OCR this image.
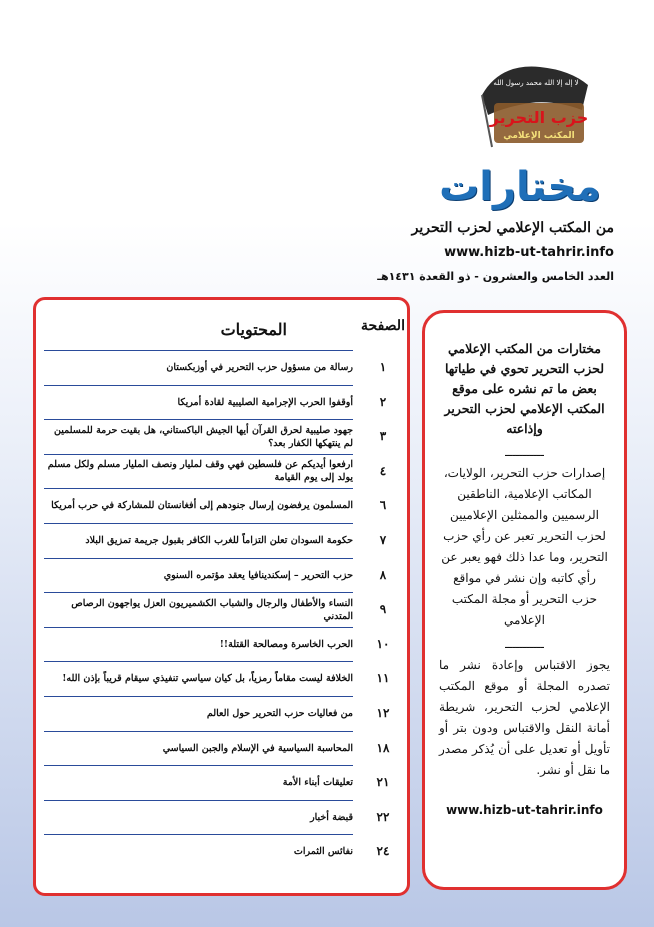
لا إله إلا الله محمد رسول الله
حزب التحرير
المكتب الإعلامي
مختارات
من المكتب الإعلامي لحزب التحرير
www.hizb-ut-tahrir.info
العدد الخامس والعشرون - ذو القعدة ١٤٣١هـ
المحتويات	الصفحة
رسالة من مسؤول حزب التحرير في أوزبكستان	١
أوقفوا الحرب الإجرامية الصليبية لقادة أمريكا	٢
جهود صليبية لحرق القرآن أيها الجيش الباكستاني، هل بقيت حرمة للمسلمين لم ينتهكها الكفار بعد؟	٣
ارفعوا أيديكم عن فلسطين فهي وقف لمليار ونصف المليار مسلم ولكل مسلم يولد إلى يوم القيامة	٤
المسلمون يرفضون إرسال جنودهم إلى أفغانستان للمشاركة في حرب أمريكا	٦
حكومة السودان تعلن التزاماً للغرب الكافر بقبول جريمة تمزيق البلاد	٧
حزب التحرير – إسكندينافيا يعقد مؤتمره السنوي	٨
النساء والأطفال والرجال والشباب الكشميريون العزل يواجهون الرصاص المتدني	٩
الحرب الخاسرة ومصالحة القتلة!!	١٠
الخلافة ليست مقاماً رمزياً، بل كيان سياسي تنفيذي سيقام قريباً بإذن الله!	١١
من فعاليات حزب التحرير حول العالم	١٢
المحاسبة السياسية في الإسلام والجبن السياسي	١٨
تعليقات أبناء الأمة	٢١
قبضة أخبار	٢٢
نفائس الثمرات	٢٤
مختارات من المكتب الإعلامي لحزب التحرير تحوي في طياتها بعض ما تم نشره على موقع المكتب الإعلامي لحزب التحرير وإذاعته
ـــــــــــ
إصدارات حزب التحرير، الولايات، المكاتب الإعلامية، الناطقين الرسميين والممثلين الإعلاميين لحزب التحرير تعبر عن رأي حزب التحرير، وما عدا ذلك فهو يعبر عن رأي كاتبه وإن نشر في مواقع حزب التحرير أو مجلة المكتب الإعلامي
ـــــــــــ
يجوز الاقتباس وإعادة نشر ما تصدره المجلة أو موقع المكتب الإعلامي لحزب التحرير، شريطة أمانة النقل والاقتباس ودون بتر أو تأويل أو تعديل على أن يُذكر مصدر ما نقل أو نشر.
www.hizb-ut-tahrir.info
